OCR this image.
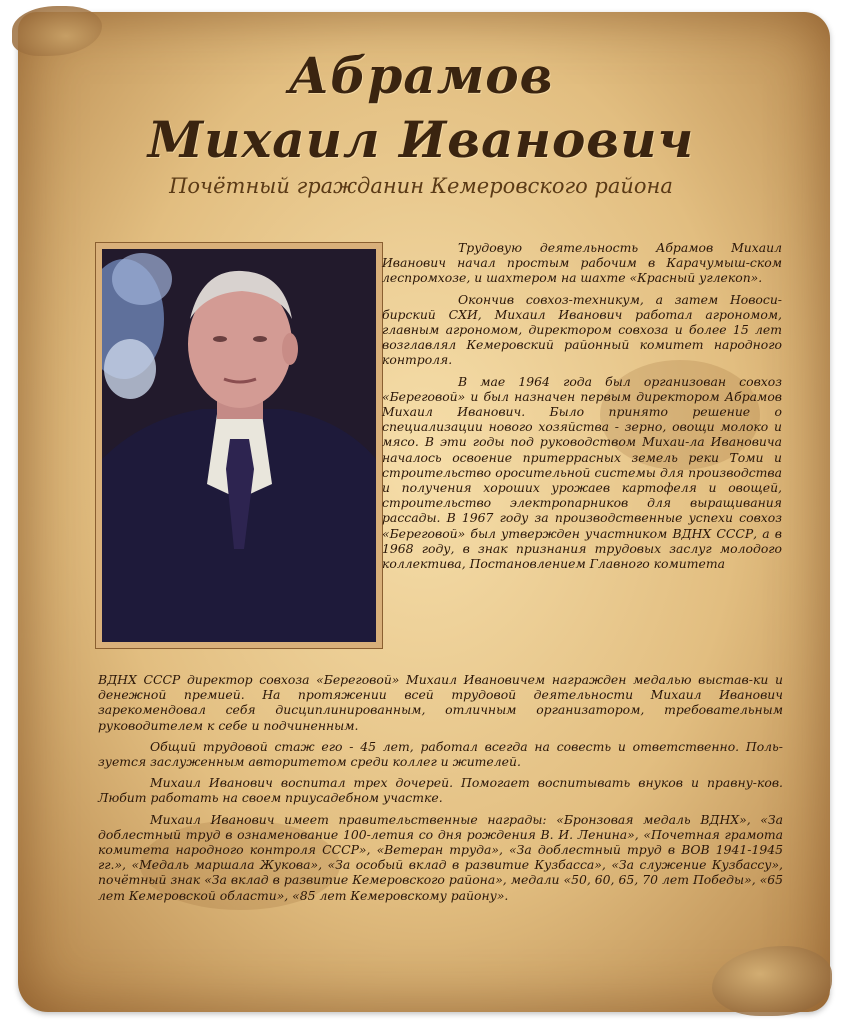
Абрамов
Михаил Иванович
Почётный гражданин Кемеровского района

Трудовую деятельность Абрамов Михаил Иванович начал простым рабочим в Карачумыш-ском леспромхозе, и шахтером на шахте «Красный углекоп».

Окончив совхоз-техникум, а затем Новоси-бирский СХИ, Михаил Иванович работал агрономом, главным агрономом, директором совхоза и более 15 лет возглавлял Кемеровский районный комитет народного контроля.

В мае 1964 года был организован совхоз «Береговой» и был назначен первым директором Абрамов Михаил Иванович. Было принято решение о специализации нового хозяйства - зерно, овощи молоко и мясо. В эти годы под руководством Михаи-ла Ивановича началось освоение притеррасных земель реки Томи и строительство оросительной системы для производства и получения хороших урожаев картофеля и овощей, строительство электропарников для выращивания рассады. В 1967 году за производственные успехи совхоз «Береговой» был утвержден участником ВДНХ СССР, а в 1968 году, в знак признания трудовых заслуг молодого коллектива, Постановлением Главного комитета

ВДНХ СССР директор совхоза «Береговой» Михаил Ивановичем награжден медалью выстав-ки и денежной премией. На протяжении всей трудовой деятельности Михаил Иванович зарекомендовал себя дисциплинированным, отличным организатором, требовательным руководителем к себе и подчиненным.

Общий трудовой стаж его - 45 лет, работал всегда на совесть и ответственно. Поль-зуется заслуженным авторитетом среди коллег и жителей.

Михаил Иванович воспитал трех дочерей. Помогает воспитывать внуков и правну-ков. Любит работать на своем приусадебном участке.

Михаил Иванович имеет правительственные награды: «Бронзовая медаль ВДНХ», «За доблестный труд в ознаменование 100-летия со дня рождения В. И. Ленина», «Почетная грамота комитета народного контроля СССР», «Ветеран труда», «За доблестный труд в ВОВ 1941-1945 гг.», «Медаль маршала Жукова», «За особый вклад в развитие Кузбасса», «За служение Кузбассу», почётный знак «За вклад в развитие Кемеровского района», медали «50, 60, 65, 70 лет Победы», «65 лет Кемеровской области», «85 лет Кемеровскому району».
